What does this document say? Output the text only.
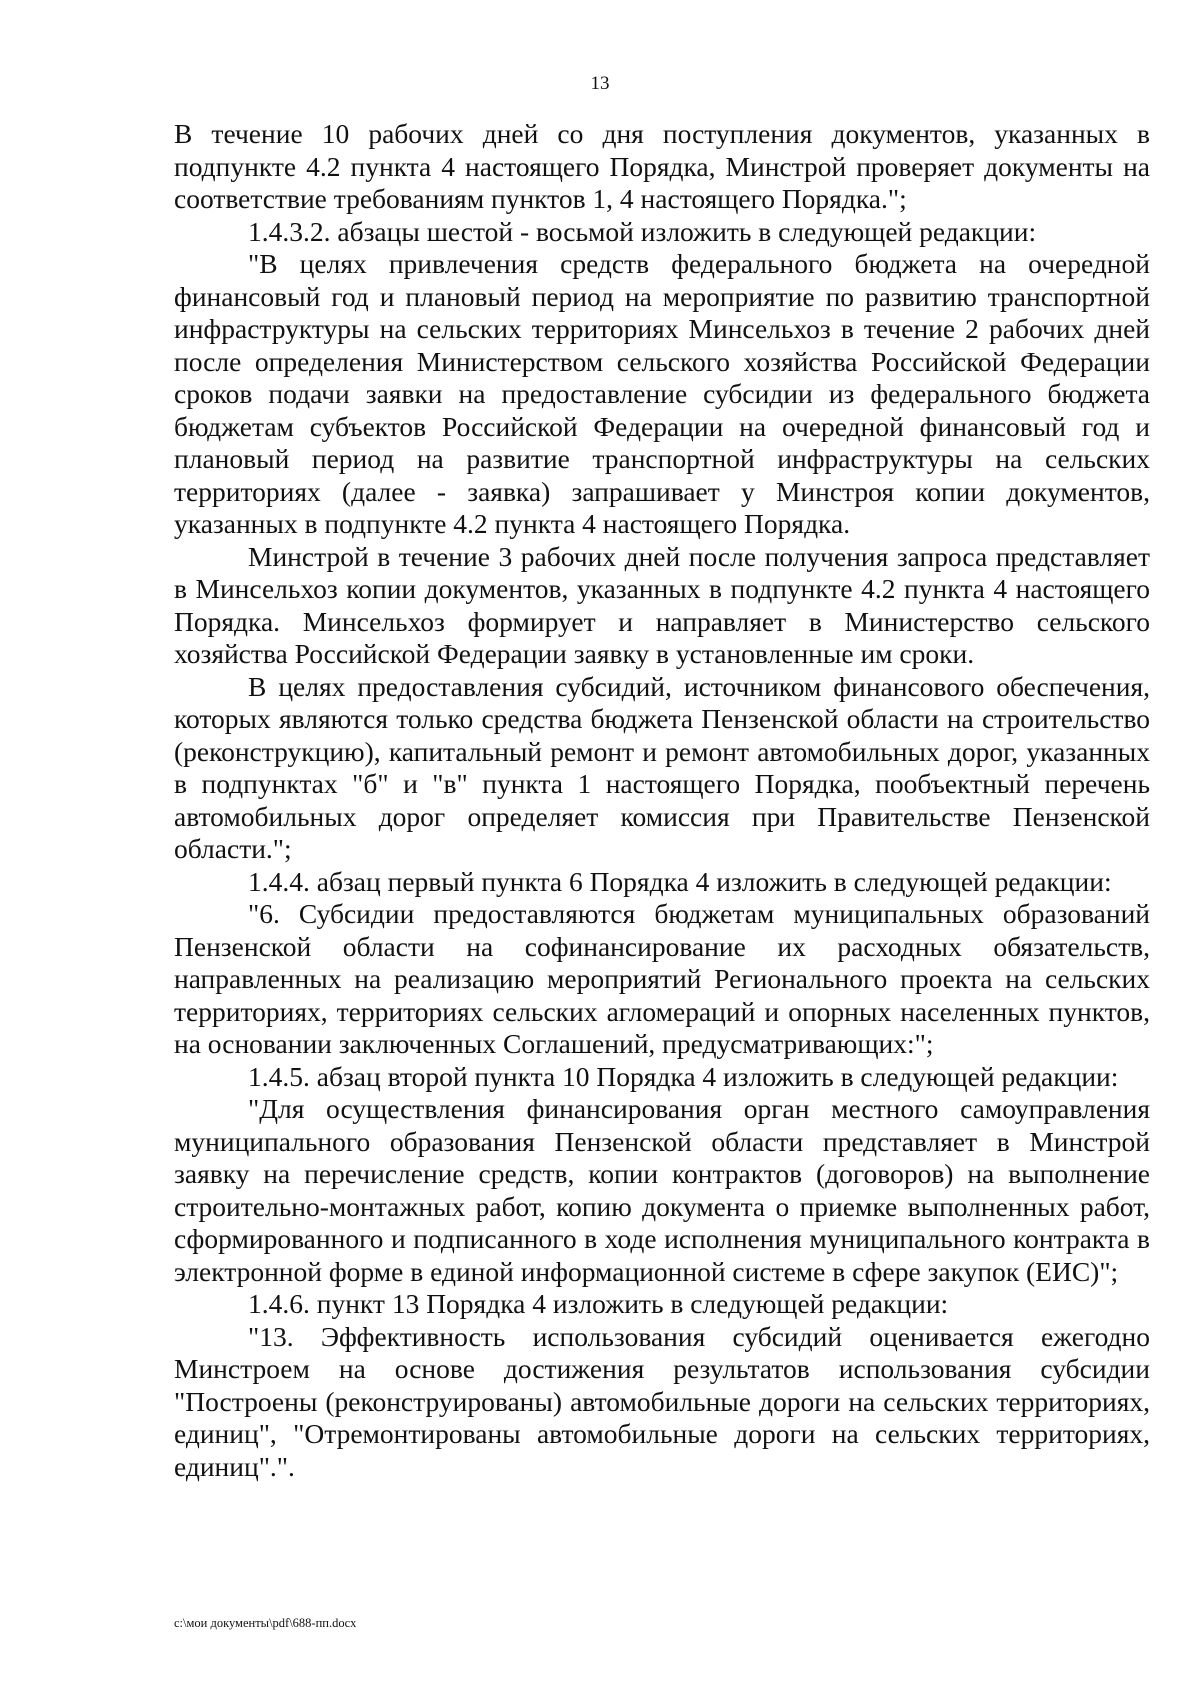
13

В течение 10 рабочих дней со дня поступления документов, указанных в подпункте 4.2 пункта 4 настоящего Порядка, Минстрой проверяет документы на соответствие требованиям пунктов 1, 4 настоящего Порядка.";

1.4.3.2. абзацы шестой - восьмой изложить в следующей редакции:

"В целях привлечения средств федерального бюджета на очередной финансовый год и плановый период на мероприятие по развитию транспортной инфраструктуры на сельских территориях Минсельхоз в течение 2 рабочих дней после определения Министерством сельского хозяйства Российской Федерации сроков подачи заявки на предоставление субсидии из федерального бюджета бюджетам субъектов Российской Федерации на очередной финансовый год и плановый период на развитие транспортной инфраструктуры на сельских территориях (далее - заявка) запрашивает у Минстроя копии документов, указанных в подпункте 4.2 пункта 4 настоящего Порядка.

Минстрой в течение 3 рабочих дней после получения запроса представляет в Минсельхоз копии документов, указанных в подпункте 4.2 пункта 4 настоящего Порядка. Минсельхоз формирует и направляет в Министерство сельского хозяйства Российской Федерации заявку в установленные им сроки.

В целях предоставления субсидий, источником финансового обеспечения, которых являются только средства бюджета Пензенской области на строительство (реконструкцию), капитальный ремонт и ремонт автомобильных дорог, указанных в подпунктах "б" и "в" пункта 1 настоящего Порядка, пообъектный перечень автомобильных дорог определяет комиссия при Правительстве Пензенской области.";

1.4.4. абзац первый пункта 6 Порядка 4 изложить в следующей редакции:

"6. Субсидии предоставляются бюджетам муниципальных образований Пензенской области на софинансирование их расходных обязательств, направленных на реализацию мероприятий Регионального проекта на сельских территориях, территориях сельских агломераций и опорных населенных пунктов, на основании заключенных Соглашений, предусматривающих:";

1.4.5. абзац второй пункта 10 Порядка 4 изложить в следующей редакции:

"Для осуществления финансирования орган местного самоуправления муниципального образования Пензенской области представляет в Минстрой заявку на перечисление средств, копии контрактов (договоров) на выполнение строительно-монтажных работ, копию документа о приемке выполненных работ, сформированного и подписанного в ходе исполнения муниципального контракта в электронной форме в единой информационной системе в сфере закупок (ЕИС)";

1.4.6. пункт 13 Порядка 4 изложить в следующей редакции:

"13. Эффективность использования субсидий оценивается ежегодно Минстроем на основе достижения результатов использования субсидии "Построены (реконструированы) автомобильные дороги на сельских территориях, единиц", "Отремонтированы автомобильные дороги на сельских территориях, единиц".".

c:\мои документы\pdf\688-пп.docx
